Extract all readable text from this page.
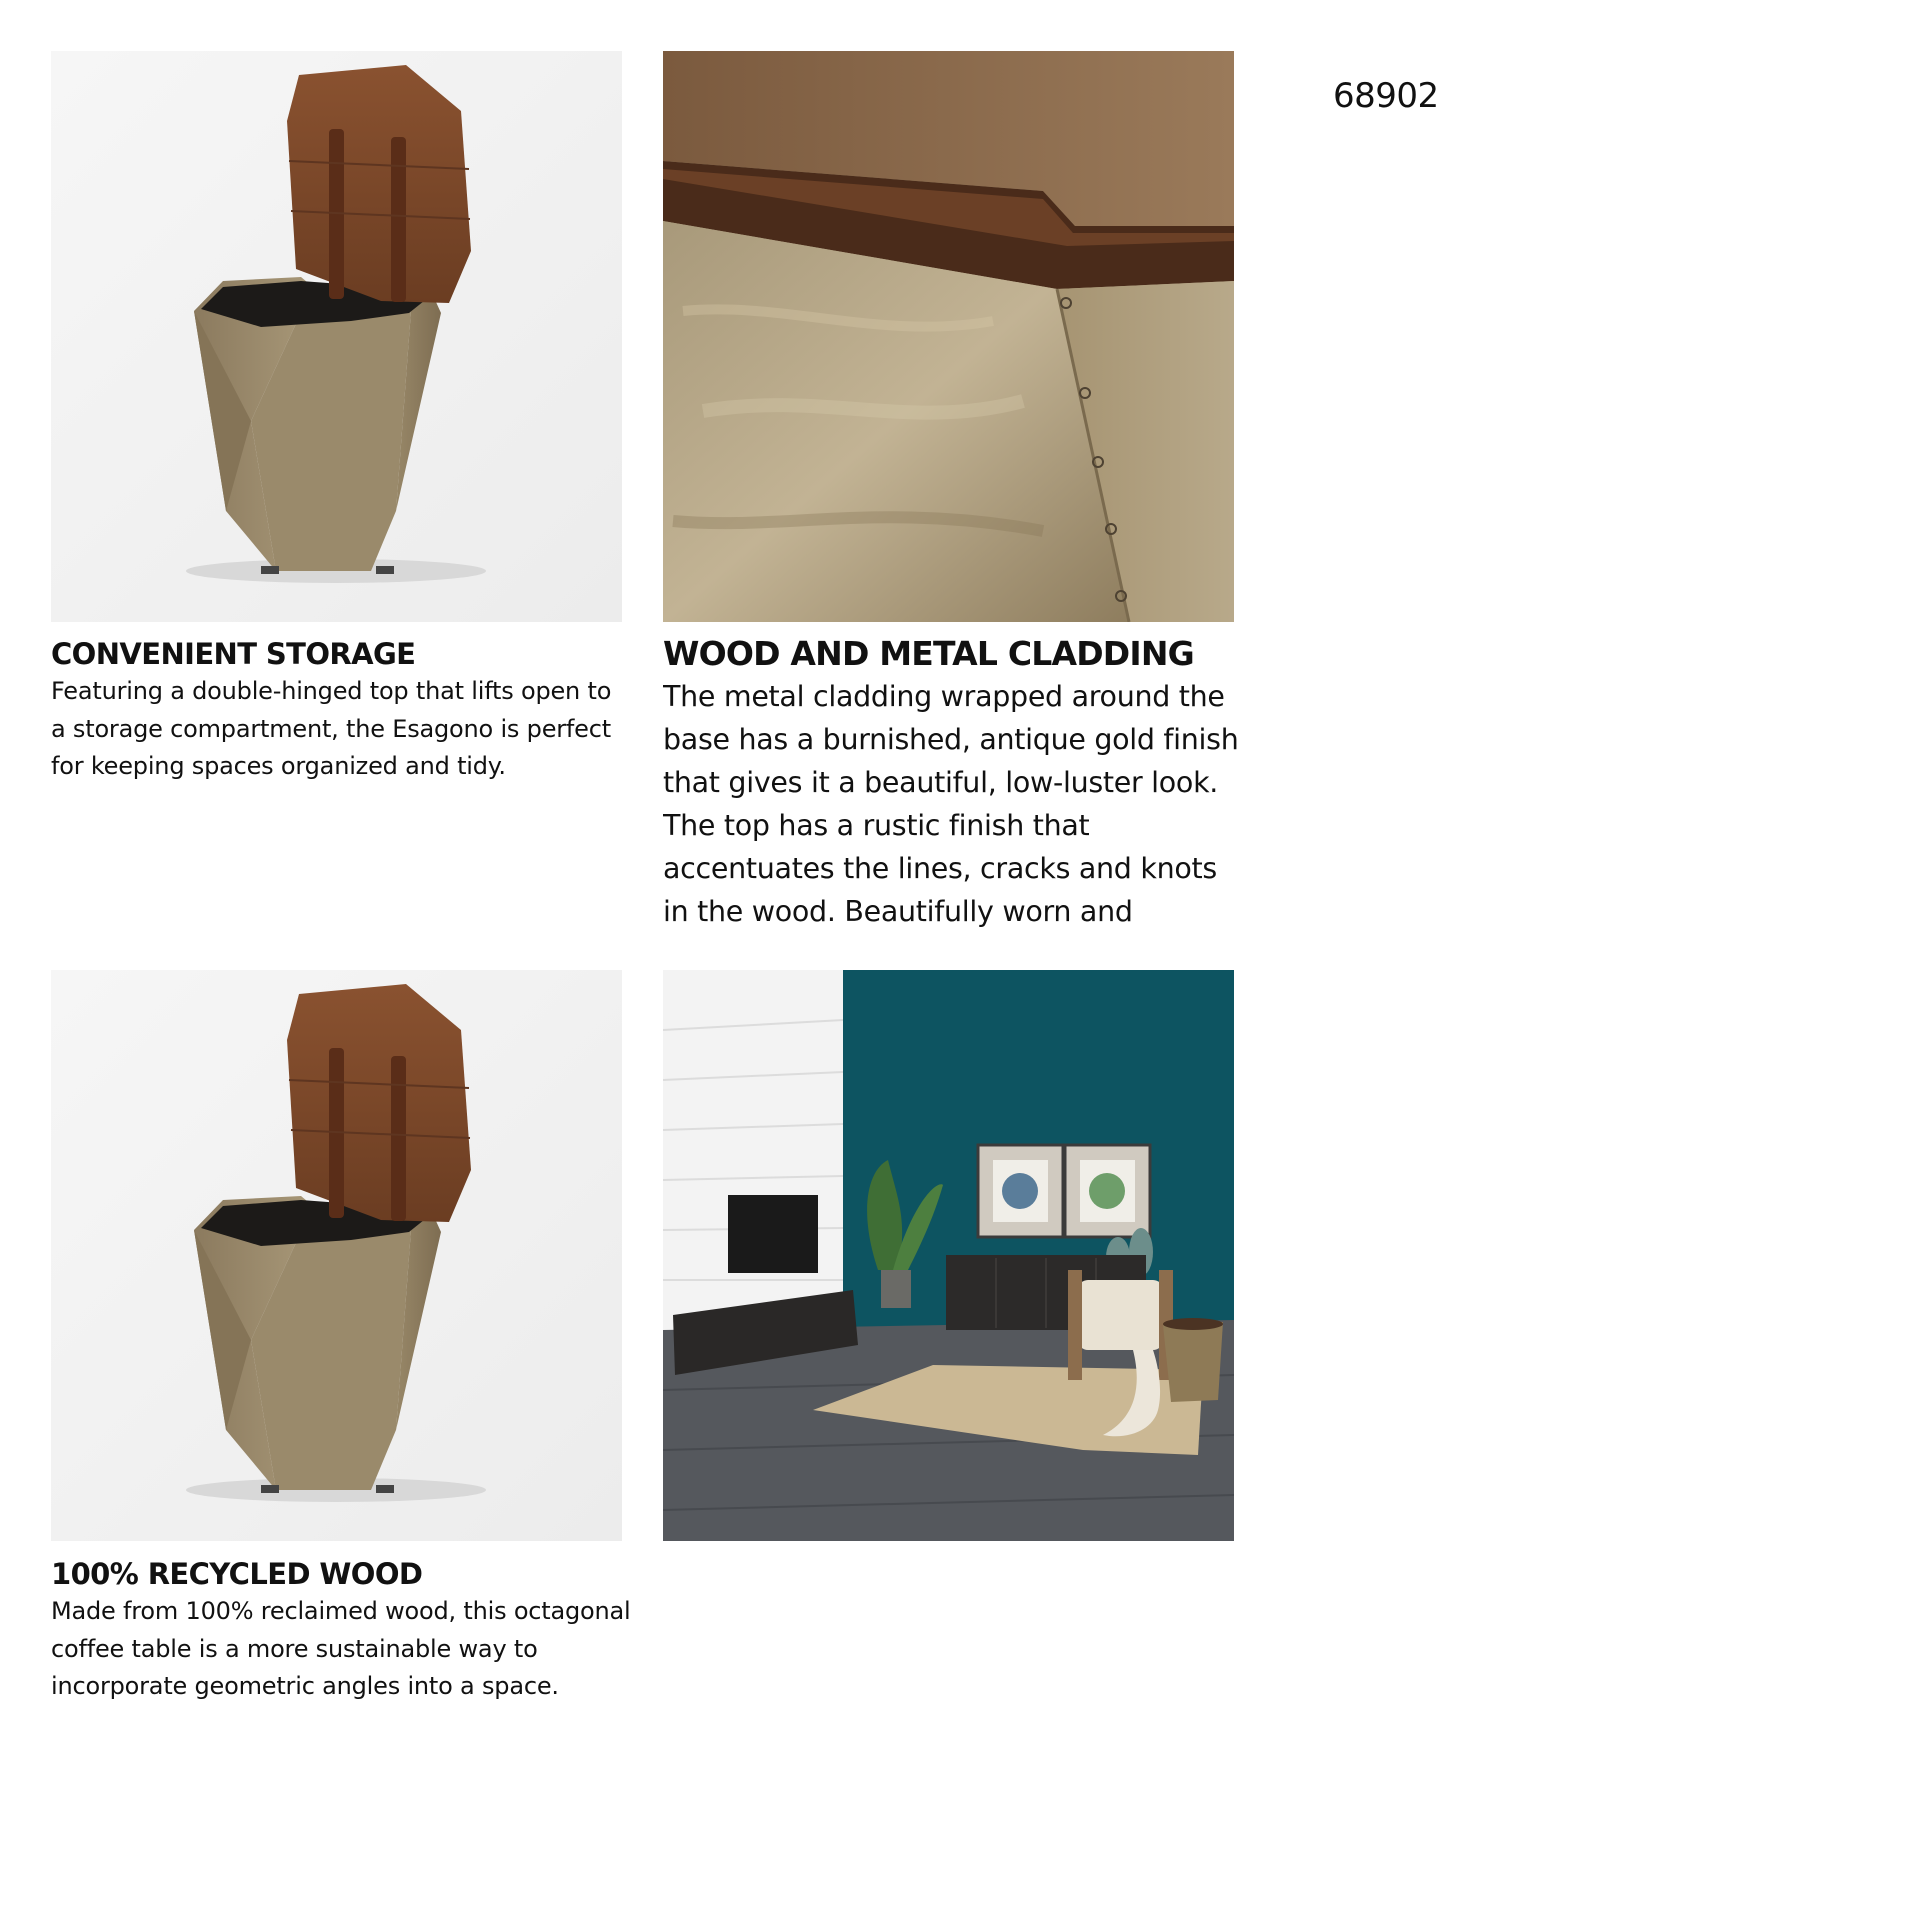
68902
CONVENIENT STORAGE

Featuring a double-hinged top that lifts open to a storage compartment, the Esagono is perfect for keeping spaces organized and tidy.

WOOD AND METAL CLADDING

The metal cladding wrapped around the base has a burnished, antique gold finish that gives it a beautiful, low-luster look. The top has a rustic finish that accentuates the lines, cracks and knots in the wood. Beautifully worn and

100% RECYCLED WOOD

Made from 100% reclaimed wood, this octagonal coffee table is a more sustainable way to incorporate geometric angles into a space.
